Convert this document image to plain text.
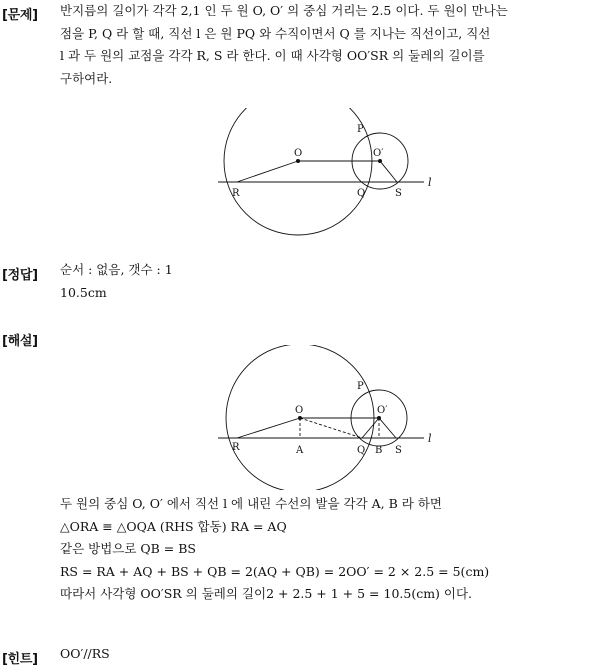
[문제] 반지름의 길이가 각각 2,1 인 두 원 O, O′ 의 중심 거리는 2.5 이다. 두 원이 만나는
점을 P, Q 라 할 때, 직선 l 은 원 PQ 와 수직이면서 Q 를 지나는 직선이고, 직선
l 과 두 원의 교점을 각각 R, S 라 한다. 이 때 사각형 OO′SR 의 둘레의 길이를
구하여라.
O	O′
P
Q
R	S
l
[정답] 순서 : 없음, 갯수 : 1
10.5cm
[해설]
O	O′
P
Q
R	S
A	B
l
두 원의 중심 O, O′ 에서 직선 l 에 내린 수선의 발을 각각 A, B 라 하면
△ORA ≡ △OQA (RHS 합동) RA = AQ
같은 방법으로 QB = BS
RS = RA + AQ + BS + QB = 2(AQ + QB) = 2OO′ = 2 × 2.5 = 5(cm)
따라서 사각형 OO′SR 의 둘레의 길이2 + 2.5 + 1 + 5 = 10.5(cm) 이다.
[힌트] OO′//RS
